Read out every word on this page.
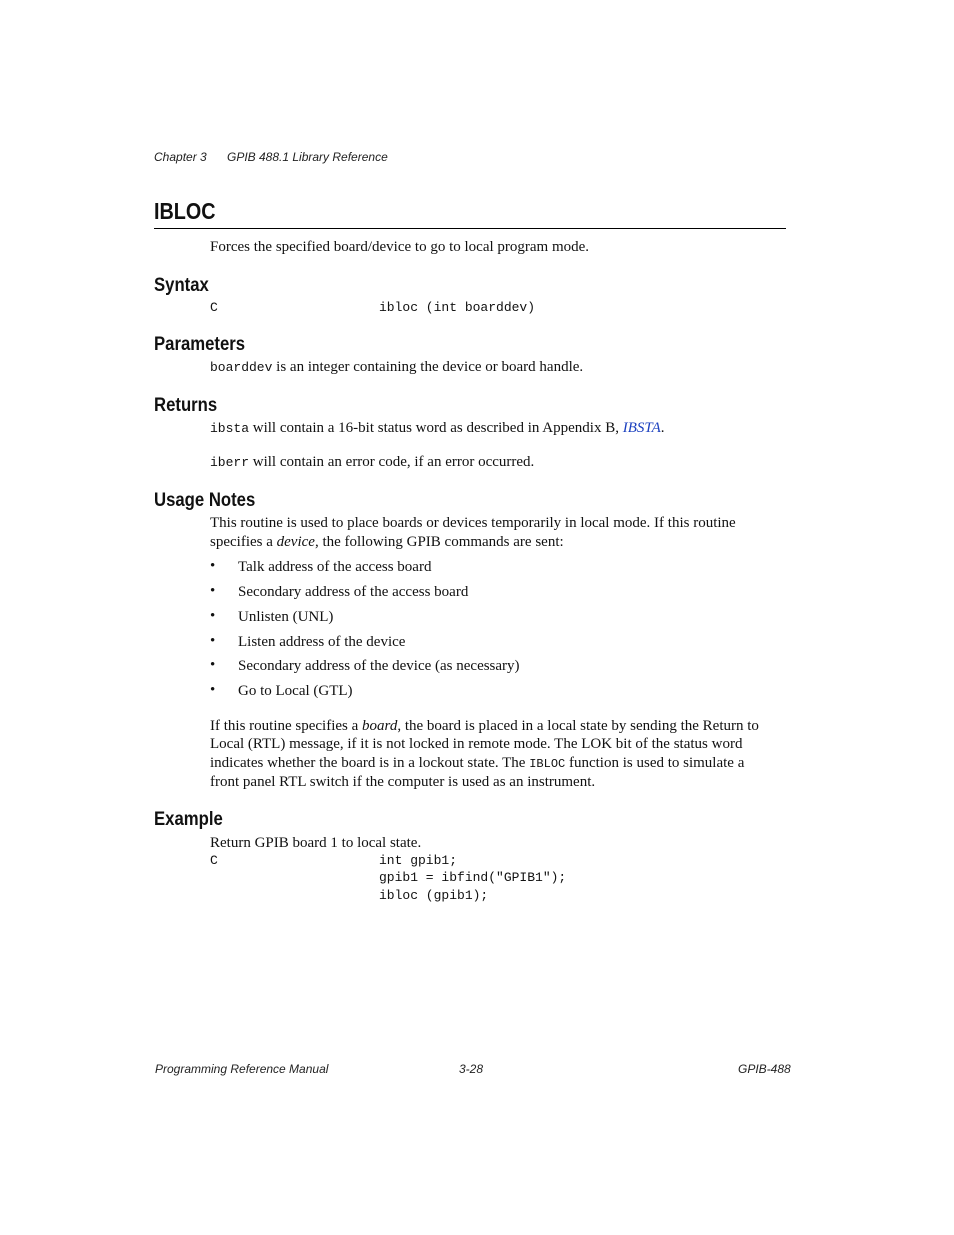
Chapter 3 GPIB 488.1 Library Reference
IBLOC
Forces the specified board/device to go to local program mode.
Syntax
C	ibloc (int boarddev)
Parameters
boarddev is an integer containing the device or board handle.
Returns
ibsta will contain a 16-bit status word as described in Appendix B, IBSTA.
iberr will contain an error code, if an error occurred.
Usage Notes
This routine is used to place boards or devices temporarily in local mode. If this routine
specifies a device, the following GPIB commands are sent:
• Talk address of the access board
• Secondary address of the access board
• Unlisten (UNL)
• Listen address of the device
• Secondary address of the device (as necessary)
• Go to Local (GTL)
If this routine specifies a board, the board is placed in a local state by sending the Return to
Local (RTL) message, if it is not locked in remote mode. The LOK bit of the status word
indicates whether the board is in a lockout state. The IBLOC function is used to simulate a
front panel RTL switch if the computer is used as an instrument.
Example
Return GPIB board 1 to local state.
C	int gpib1;
gpib1 = ibfind("GPIB1");
ibloc (gpib1);
Programming Reference Manual	3-28	GPIB-488
